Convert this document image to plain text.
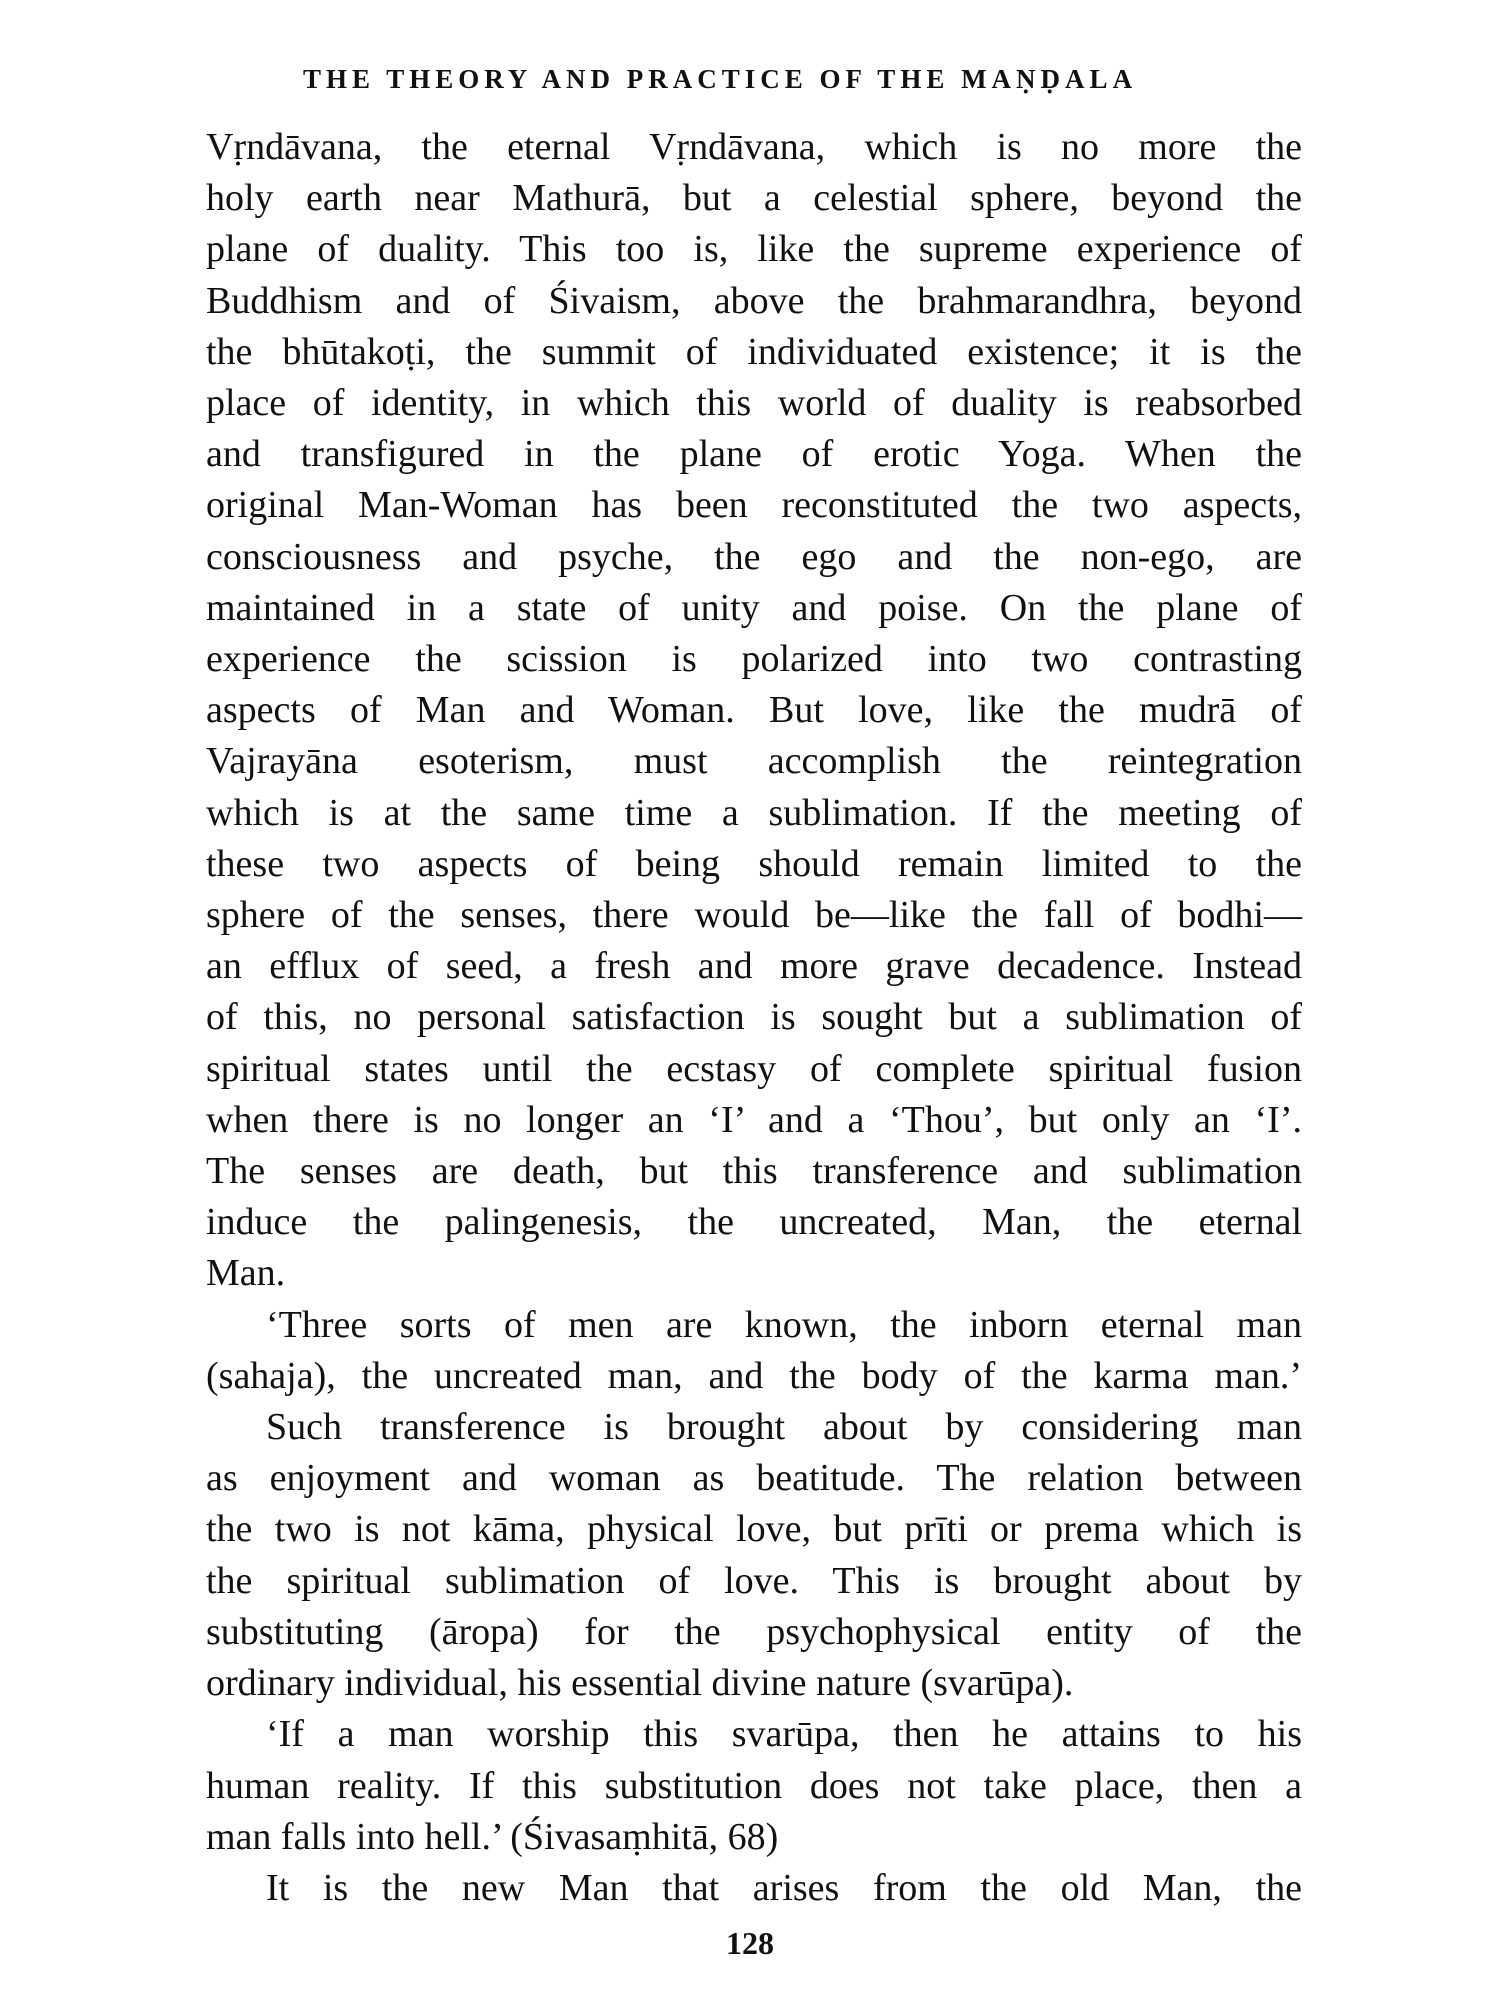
THE THEORY AND PRACTICE OF THE MAṆḌALA

Vṛndāvana, the eternal Vṛndāvana, which is no more the
holy earth near Mathurā, but a celestial sphere, beyond the
plane of duality. This too is, like the supreme experience of
Buddhism and of Śivaism, above the brahmarandhra, beyond
the bhūtakoṭi, the summit of individuated existence; it is the
place of identity, in which this world of duality is reabsorbed
and transfigured in the plane of erotic Yoga. When the
original Man-Woman has been reconstituted the two aspects,
consciousness and psyche, the ego and the non-ego, are
maintained in a state of unity and poise. On the plane of
experience the scission is polarized into two contrasting
aspects of Man and Woman. But love, like the mudrā of
Vajrayāna esoterism, must accomplish the reintegration
which is at the same time a sublimation. If the meeting of
these two aspects of being should remain limited to the
sphere of the senses, there would be—like the fall of bodhi—
an efflux of seed, a fresh and more grave decadence. Instead
of this, no personal satisfaction is sought but a sublimation of
spiritual states until the ecstasy of complete spiritual fusion
when there is no longer an ‘I’ and a ‘Thou’, but only an ‘I’.
The senses are death, but this transference and sublimation
induce the palingenesis, the uncreated, Man, the eternal
Man.

‘Three sorts of men are known, the inborn eternal man
(sahaja), the uncreated man, and the body of the karma man.’

Such transference is brought about by considering man
as enjoyment and woman as beatitude. The relation between
the two is not kāma, physical love, but prīti or prema which is
the spiritual sublimation of love. This is brought about by
substituting (āropa) for the psychophysical entity of the
ordinary individual, his essential divine nature (svarūpa).

‘If a man worship this svarūpa, then he attains to his
human reality. If this substitution does not take place, then a
man falls into hell.’ (Śivasaṃhitā, 68)

It is the new Man that arises from the old Man, the

128
